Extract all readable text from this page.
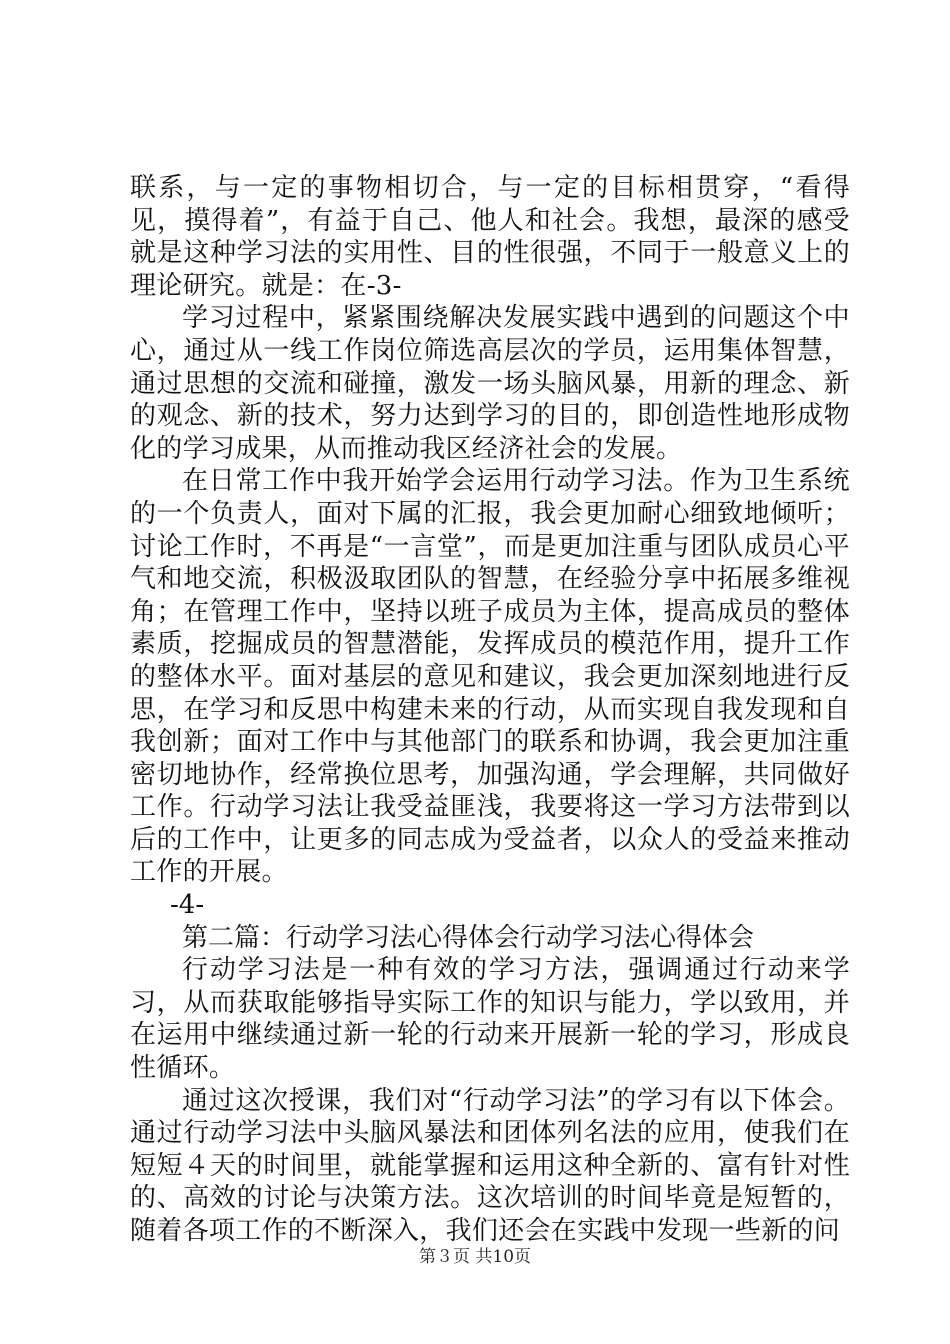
联系，与一定的事物相切合，与一定的目标相贯穿，“看得见，摸得着”，有益于自己、他人和社会。我想，最深的感受就是这种学习法的实用性、目的性很强，不同于一般意义上的理论研究。就是：在-3-

学习过程中，紧紧围绕解决发展实践中遇到的问题这个中心，通过从一线工作岗位筛选高层次的学员，运用集体智慧，通过思想的交流和碰撞，激发一场头脑风暴，用新的理念、新的观念、新的技术，努力达到学习的目的，即创造性地形成物化的学习成果，从而推动我区经济社会的发展。

在日常工作中我开始学会运用行动学习法。作为卫生系统的一个负责人，面对下属的汇报，我会更加耐心细致地倾听；讨论工作时，不再是“一言堂”，而是更加注重与团队成员心平气和地交流，积极汲取团队的智慧，在经验分享中拓展多维视角；在管理工作中，坚持以班子成员为主体，提高成员的整体素质，挖掘成员的智慧潜能，发挥成员的模范作用，提升工作的整体水平。面对基层的意见和建议，我会更加深刻地进行反思，在学习和反思中构建未来的行动，从而实现自我发现和自我创新；面对工作中与其他部门的联系和协调，我会更加注重密切地协作，经常换位思考，加强沟通，学会理解，共同做好工作。行动学习法让我受益匪浅，我要将这一学习方法带到以后的工作中，让更多的同志成为受益者，以众人的受益来推动工作的开展。

-4-

第二篇：行动学习法心得体会行动学习法心得体会

行动学习法是一种有效的学习方法，强调通过行动来学习，从而获取能够指导实际工作的知识与能力，学以致用，并在运用中继续通过新一轮的行动来开展新一轮的学习，形成良性循环。

通过这次授课，我们对“行动学习法”的学习有以下体会。通过行动学习法中头脑风暴法和团体列名法的应用，使我们在短短４天的时间里，就能掌握和运用这种全新的、富有针对性的、高效的讨论与决策方法。这次培训的时间毕竟是短暂的，随着各项工作的不断深入，我们还会在实践中发现一些新的问

第３页 共10页
